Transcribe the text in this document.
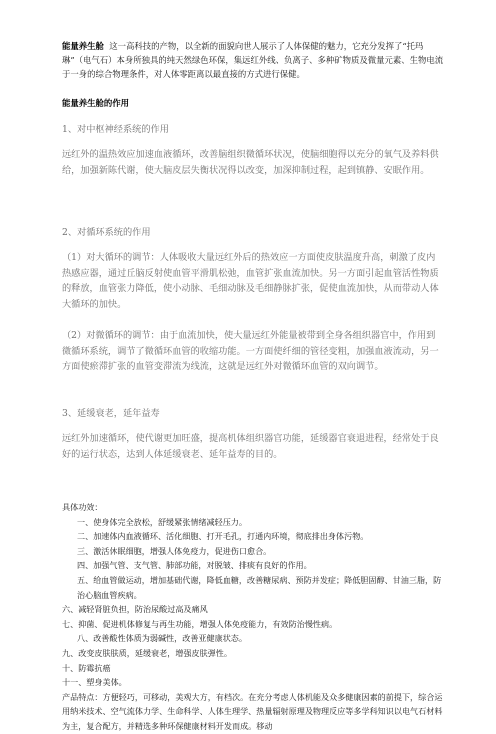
能量养生舱 这一高科技的产物，以全新的面貌向世人展示了人体保健的魅力，它充分发挥了“托玛琳”（电气石）本身所独具的纯天然绿色环保，集远红外线、负离子、多种矿物质及微量元素、生物电流于一身的综合物理条件，对人体零距离以最直接的方式进行保健。

能量养生舱的作用

1、对中枢神经系统的作用
远红外的温热效应加速血液循环，改善脑组织微循环状况，使脑细胞得以充分的氧气及养料供给，加强新陈代谢，使大脑皮层失衡状况得以改变，加深抑制过程，起到镇静、安眠作用。
2、对循环系统的作用
（1）对大循环的调节：人体吸收大量远红外后的热效应一方面使皮肤温度升高，刺激了皮内热感应器，通过丘脑反射使血管平滑肌松弛，血管扩张血流加快。另一方面引起血管活性物质的释放，血管张力降低，使小动脉、毛细动脉及毛细静脉扩张，促使血流加快，从而带动人体大循环的加快。
（2）对微循环的调节：由于血流加快，使大量远红外能量被带到全身各组织器官中，作用到微循环系统，调节了微循环血管的收缩功能。一方面使纤细的管径变粗，加强血液流动，另一方面使瘀滞扩张的血管变滞流为线流，这就是远红外对微循环血管的双向调节。
3、延缓衰老，延年益寿
远红外加速循环，使代谢更加旺盛，提高机体组织器官功能，延缓器官衰退进程，经常处于良好的运行状态，达到人体延缓衰老、延年益寿的目的。
具体功效：
一、使身体完全放松，舒缓紧张情绪减轻压力。
二、加速体内血液循环、活化细胞、打开毛孔，打通内环境，彻底排出身体污物。
三、激活休眠细胞，增强人体免疫力，促进伤口愈合。
四、加强气管、支气管、肺部功能，对脱皱、排痰有良好的作用。
五、给血管做运动，增加基础代谢，降低血糖，改善糖尿病、预防并发症；降低胆固醇、甘油三脂，防治心脑血管疾病。
六、减轻肾脏负担，防治尿酸过高及痛风
七、抑菌、促进机体修复与再生功能，增强人体免疫能力，有效防治慢性病。
八、改善酸性体质为弱碱性，改善亚健康状态。
九、改变皮肤肤质，延缓衰老，增强皮肤弹性。
十、防霉抗癌
十一、塑身美体。
产品特点：方便轻巧，可移动，美观大方，有档次。在充分考虑人体机能及众多健康因素的前提下，综合运用纳米技术、空气流体力学、生命科学、人体生理学、热量辐射原理及物理反应等多学科知识以电气石材料为主，复合配方，并精选多种环保健康材料开发而成。移动
